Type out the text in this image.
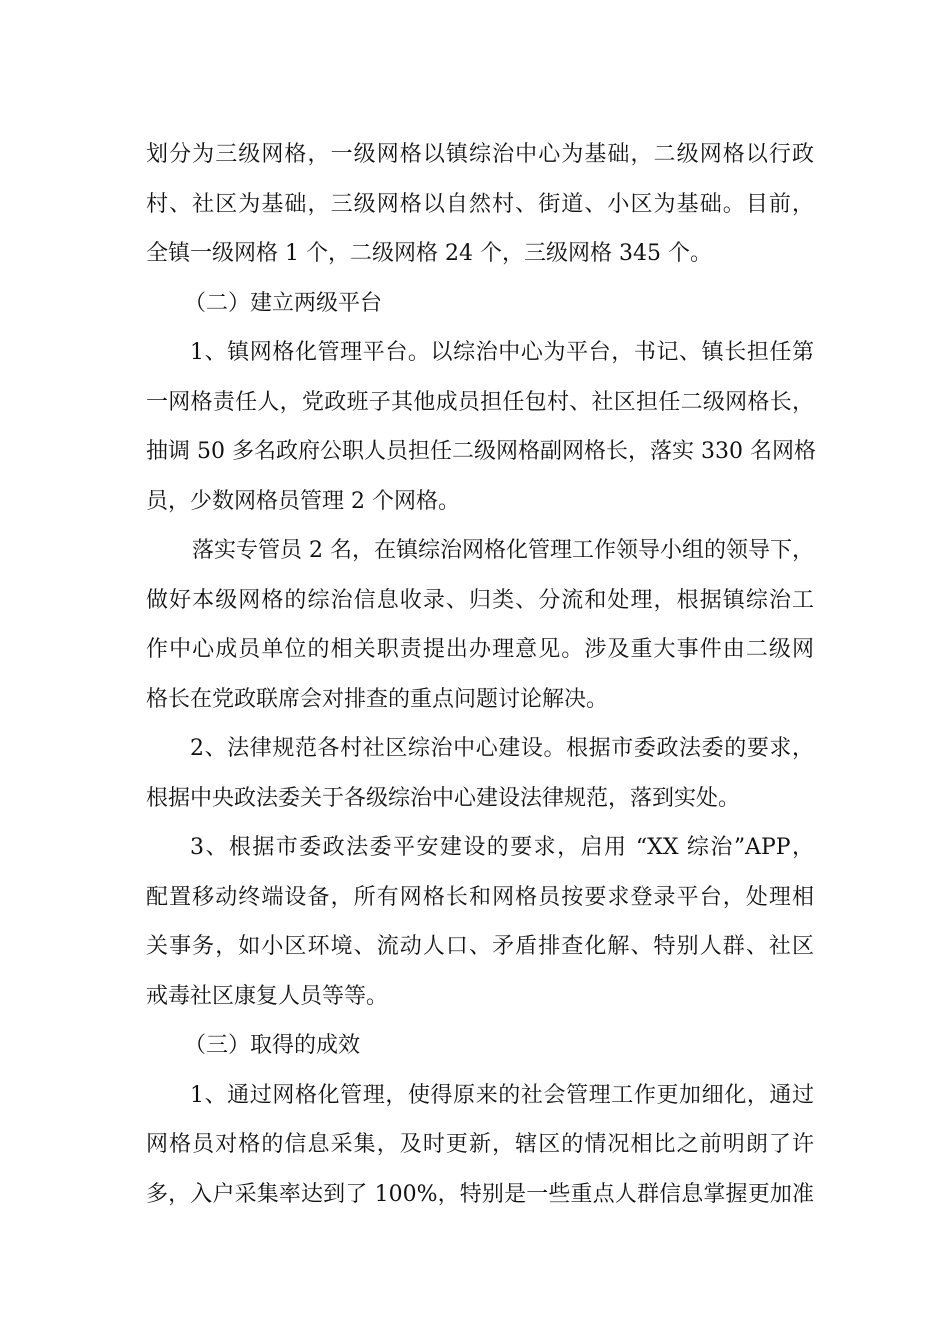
划分为三级网格，一级网格以镇综治中心为基础，二级网格以行政
村、社区为基础，三级网格以自然村、街道、小区为基础。目前，
全镇一级网格 1 个，二级网格 24 个，三级网格 345 个。
（二）建立两级平台
1、镇网格化管理平台。以综治中心为平台，书记、镇长担任第
一网格责任人，党政班子其他成员担任包村、社区担任二级网格长，
抽调 50 多名政府公职人员担任二级网格副网格长，落实 330 名网格
员，少数网格员管理 2 个网格。
落实专管员 2 名，在镇综治网格化管理工作领导小组的领导下，
做好本级网格的综治信息收录、归类、分流和处理，根据镇综治工
作中心成员单位的相关职责提出办理意见。涉及重大事件由二级网
格长在党政联席会对排查的重点问题讨论解决。
2、法律规范各村社区综治中心建设。根据市委政法委的要求，
根据中央政法委关于各级综治中心建设法律规范，落到实处。
3、根据市委政法委平安建设的要求，启用 “XX 综治”APP，
配置移动终端设备，所有网格长和网格员按要求登录平台，处理相
关事务，如小区环境、流动人口、矛盾排查化解、特别人群、社区
戒毒社区康复人员等等。
（三）取得的成效
1、通过网格化管理，使得原来的社会管理工作更加细化，通过
网格员对格的信息采集，及时更新，辖区的情况相比之前明朗了许
多，入户采集率达到了 100%，特别是一些重点人群信息掌握更加准
